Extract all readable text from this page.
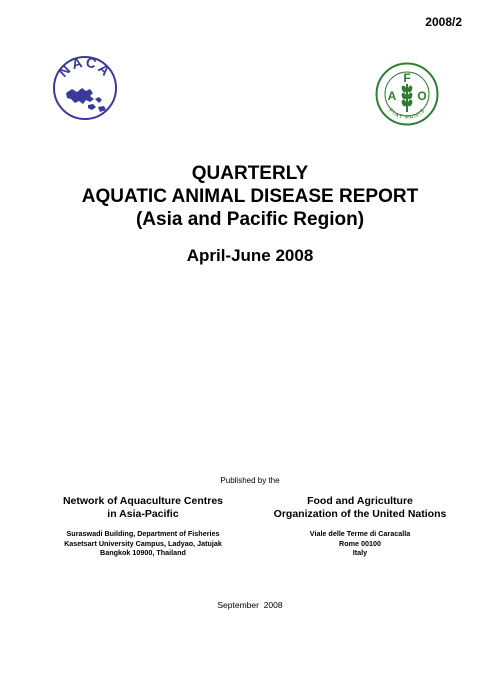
2008/2
NACA	F
A O
FIAT PANIS
QUARTERLY
AQUATIC ANIMAL DISEASE REPORT
(Asia and Pacific Region)
April-June 2008
Published by the
Network of Aquaculture Centres
in Asia-Pacific
Suraswadi Building, Department of Fisheries
Kasetsart University Campus, Ladyao, Jatujak
Bangkok 10900, Thailand
Food and Agriculture
Organization of the United Nations
Viale delle Terme di Caracalla
Rome 00100
Italy
September  2008
